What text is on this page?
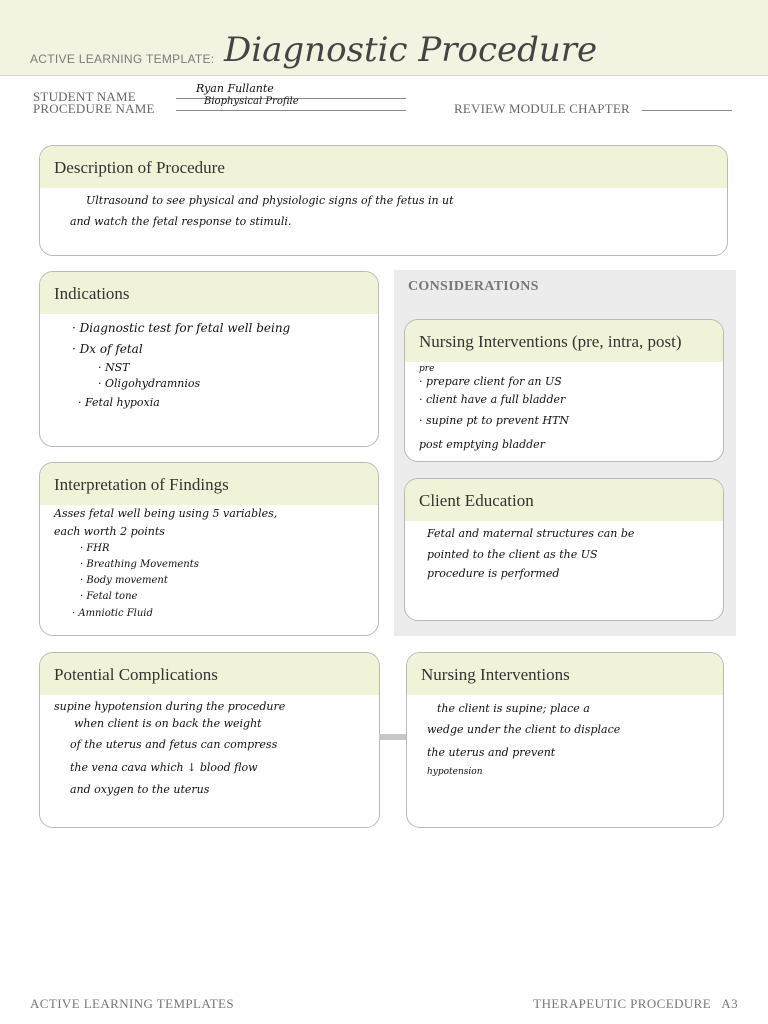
ACTIVE LEARNING TEMPLATE: Diagnostic Procedure
STUDENT NAME
Ryan Fullante
PROCEDURE NAME	Biophysical Profile	REVIEW MODULE CHAPTER
Description of Procedure

Ultrasound to see physical and physiologic signs of the fetus in ut

and watch the fetal response to stimuli.

Indications

· Diagnostic test for fetal well being

· Dx of fetal

· NST

· Oligohydramnios

· Fetal hypoxia

CONSIDERATIONS
Nursing Interventions (pre, intra, post)

pre

· prepare client for an US

· client have a full bladder

· supine pt to prevent HTN

post emptying bladder

Interpretation of Findings

Asses fetal well being using 5 variables,

each worth 2 points

· FHR

· Breathing Movements

· Body movement

· Fetal tone

· Amniotic Fluid

Client Education

Fetal and maternal structures can be

pointed to the client as the US

procedure is performed

Potential Complications

supine hypotension during the procedure

when client is on back the weight

of the uterus and fetus can compress

the vena cava which ↓ blood flow

and oxygen to the uterus

Nursing Interventions

the client is supine; place a

wedge under the client to displace

the uterus and prevent

hypotension

ACTIVE LEARNING TEMPLATES	THERAPEUTIC PROCEDURE   A3
